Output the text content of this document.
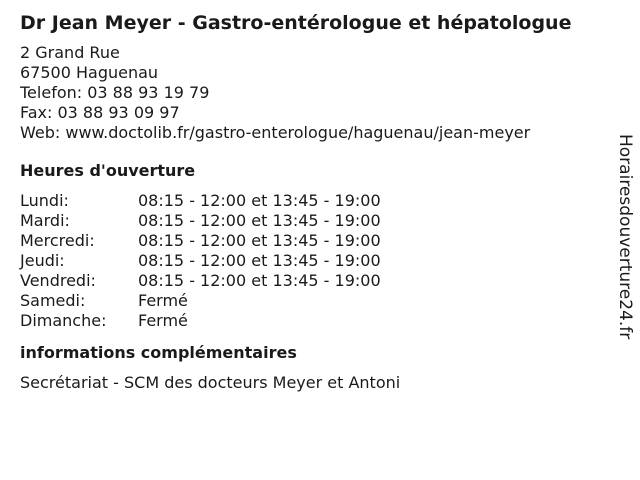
Dr Jean Meyer - Gastro-entérologue et hépatologue
2 Grand Rue
67500 Haguenau
Telefon: 03 88 93 19 79
Fax: 03 88 93 09 97
Web: www.doctolib.fr/gastro-enterologue/haguenau/jean-meyer
Heures d'ouverture
Lundi:	08:15 - 12:00 et 13:45 - 19:00
Mardi:	08:15 - 12:00 et 13:45 - 19:00
Mercredi:	08:15 - 12:00 et 13:45 - 19:00
Jeudi:	08:15 - 12:00 et 13:45 - 19:00
Vendredi:	08:15 - 12:00 et 13:45 - 19:00
Samedi:	Fermé
Dimanche:	Fermé
informations complémentaires
Secrétariat - SCM des docteurs Meyer et Antoni
Horairesdouverture24.fr
